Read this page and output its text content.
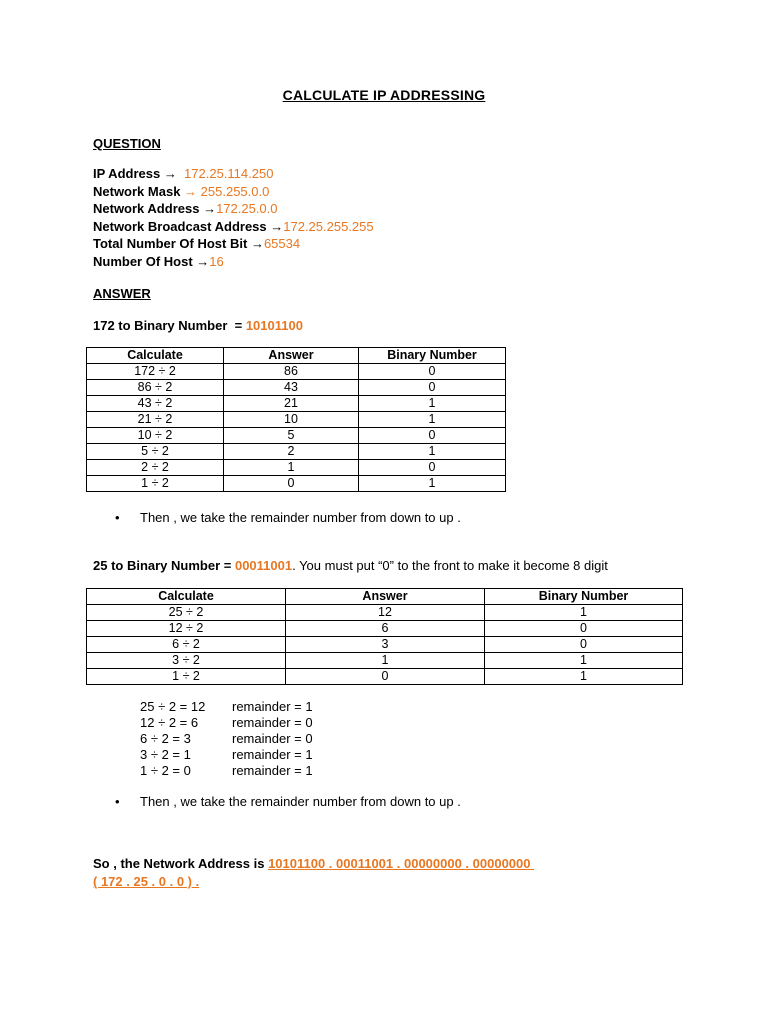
CALCULATE IP ADDRESSING
QUESTION
IP Address →  172.25.114.250
Network Mask → 255.255.0.0
Network Address →172.25.0.0
Network Broadcast Address →172.25.255.255
Total Number Of Host Bit →65534
Number Of Host →16
ANSWER
172 to Binary Number  = 10101100
Calculate	Answer	Binary Number
172 ÷ 2	86	0
86 ÷ 2	43	0
43 ÷ 2	21	1
21 ÷ 2	10	1
10 ÷ 2	5	0
5 ÷ 2	2	1
2 ÷ 2	1	0
1 ÷ 2	0	1
• Then , we take the remainder number from down to up .
25 to Binary Number = 00011001. You must put “0” to the front to make it become 8 digit
Calculate	Answer	Binary Number
25 ÷ 2	12	1
12 ÷ 2	6	0
6 ÷ 2	3	0
3 ÷ 2	1	1
1 ÷ 2	0	1
25 ÷ 2 = 12	remainder = 1
12 ÷ 2 = 6	remainder = 0
6 ÷ 2 = 3	remainder = 0
3 ÷ 2 = 1	remainder = 1
1 ÷ 2 = 0	remainder = 1
• Then , we take the remainder number from down to up .
So , the Network Address is 10101100 . 00011001 . 00000000 . 00000000
( 172 . 25 . 0 . 0 ) .
